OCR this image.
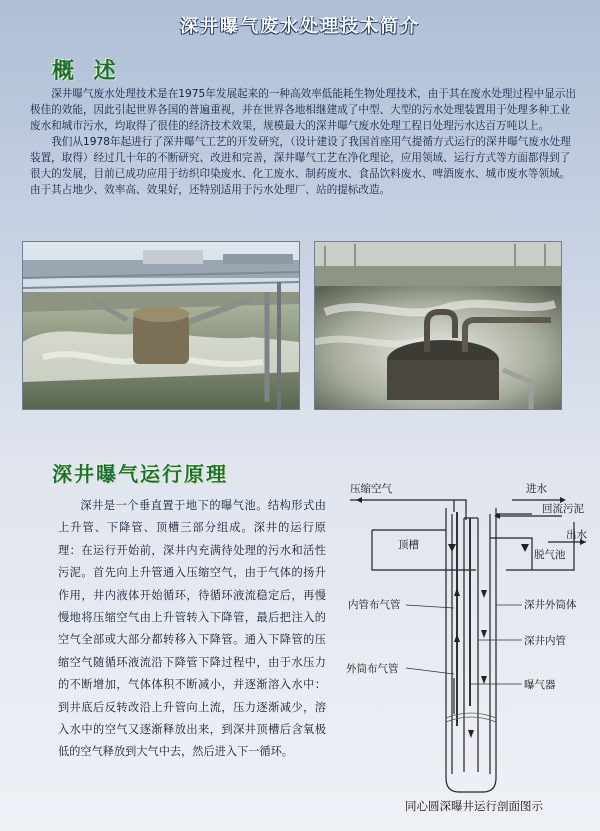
深井曝气废水处理技术简介
概 述

深井曝气废水处理技术是在1975年发展起来的一种高效率低能耗生物处理技术，由于其在废水处理过程中显示出极佳的效能，因此引起世界各国的普遍重视，并在世界各地相继建成了中型、大型的污水处理装置用于处理多种工业废水和城市污水，均取得了很佳的经济技术效果，规模最大的深井曝气废水处理工程日处理污水达百万吨以上。

我们从1978年起进行了深井曝气工艺的开发研究，（设计建设了我国首座用气提循方式运行的深井曝气废水处理装置，取得）经过几十年的不断研究、改进和完善，深井曝气工艺在净化理论，应用领域、运行方式等方面都得到了很大的发展，目前已成功应用于纺织印染废水、化工废水、制药废水、食品饮料废水、啤酒废水、城市废水等领域。由于其占地少、效率高、效果好，还特别适用于污水处理厂、站的提标改造。

深井曝气运行原理
深井是一个垂直置于地下的曝气池。结构形式由上升管、下降管、顶槽三部分组成。深井的运行原理：在运行开始前，深井内充满待处理的污水和活性污泥。首先向上升管通入压缩空气，由于气体的扬升作用，井内液体开始循环，待循环液流稳定后，再慢慢地将压缩空气由上升管转入下降管，最后把注入的空气全部或大部分都转移入下降管。通入下降管的压缩空气随循环液流沿下降管下降过程中，由于水压力的不断增加，气体体积不断减小，并逐渐溶入水中：到井底后反转改沿上升管向上流，压力逐渐减少，溶入水中的空气又逐渐释放出来，到深井顶槽后含氧极低的空气释放到大气中去，然后进入下一循环。
压缩空气	进水
回流污泥
出水
顶槽
脱气池
内管布气管	深井外筒体
深井内管
外筒布气管
曝气器
同心圆深曝井运行剖面图示
